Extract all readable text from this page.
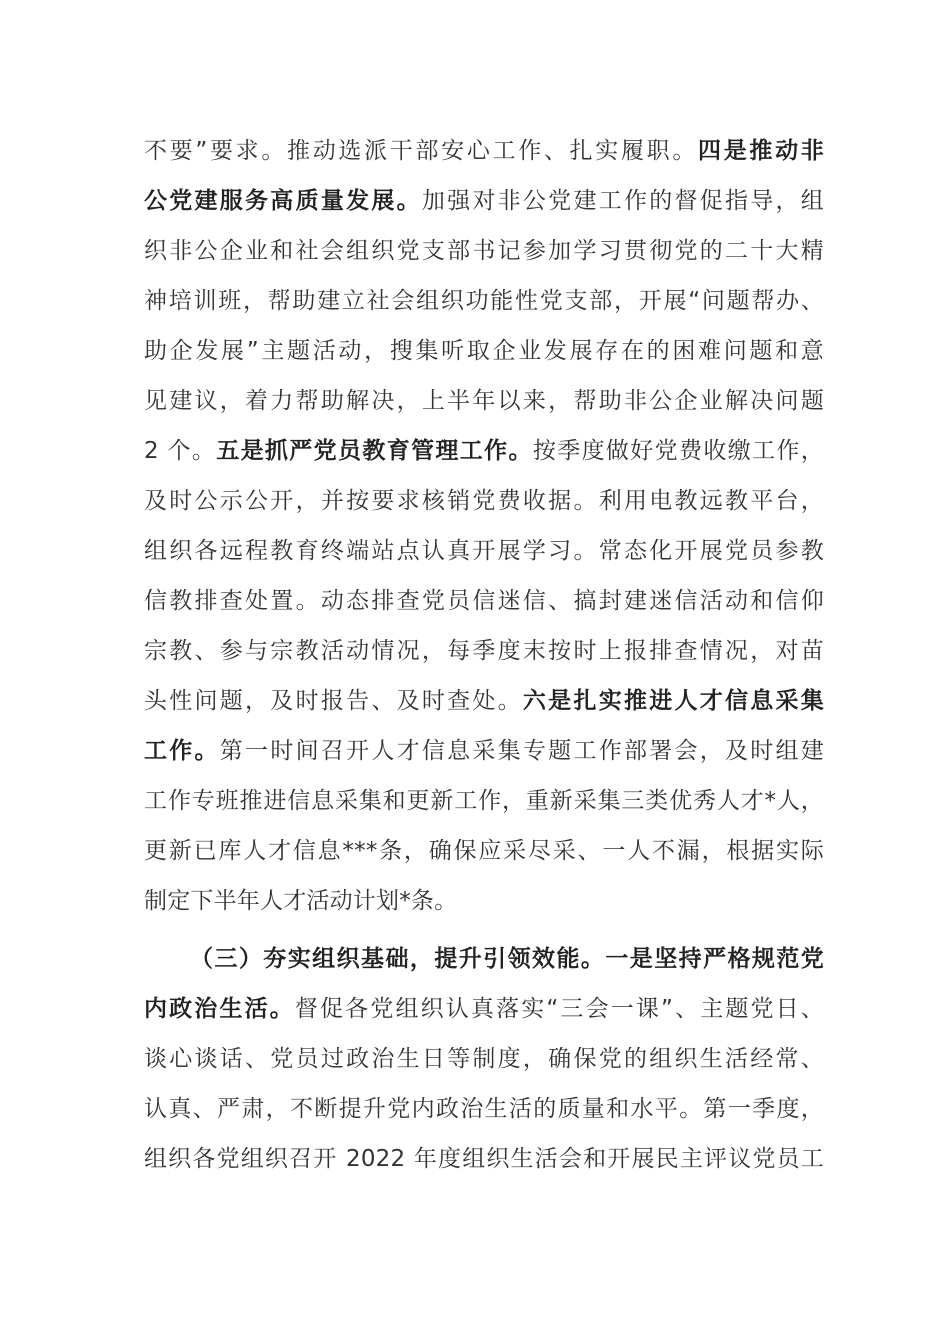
不要”要求。推动选派干部安心工作、扎实履职。四是推动非
公党建服务高质量发展。加强对非公党建工作的督促指导，组
织非公企业和社会组织党支部书记参加学习贯彻党的二十大精
神培训班，帮助建立社会组织功能性党支部，开展“问题帮办、
助企发展”主题活动，搜集听取企业发展存在的困难问题和意
见建议，着力帮助解决，上半年以来，帮助非公企业解决问题
2 个。五是抓严党员教育管理工作。按季度做好党费收缴工作，
及时公示公开，并按要求核销党费收据。利用电教远教平台，
组织各远程教育终端站点认真开展学习。常态化开展党员参教
信教排查处置。动态排查党员信迷信、搞封建迷信活动和信仰
宗教、参与宗教活动情况，每季度末按时上报排查情况，对苗
头性问题，及时报告、及时查处。六是扎实推进人才信息采集
工作。第一时间召开人才信息采集专题工作部署会，及时组建
工作专班推进信息采集和更新工作，重新采集三类优秀人才*人，
更新已库人才信息***条，确保应采尽采、一人不漏，根据实际
制定下半年人才活动计划*条。
（三）夯实组织基础，提升引领效能。一是坚持严格规范党
内政治生活。督促各党组织认真落实“三会一课”、主题党日、
谈心谈话、党员过政治生日等制度，确保党的组织生活经常、
认真、严肃，不断提升党内政治生活的质量和水平。第一季度，
组织各党组织召开 2022 年度组织生活会和开展民主评议党员工
